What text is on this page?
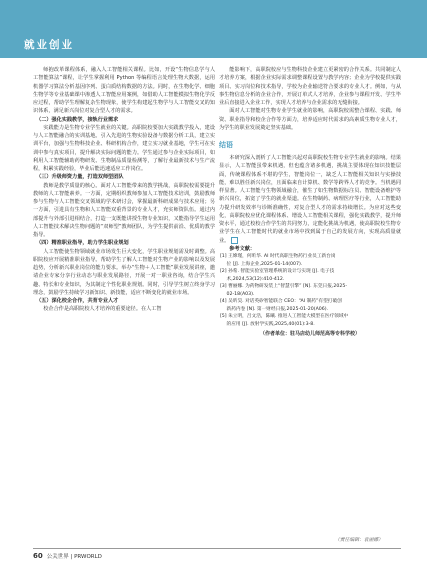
就业创业

师抱改革课程体系，融入人工智能相关课程。比如，开设“生物信息学与人工智能算法”课程，让学生掌握利用 Python 等编程语言处理生物大数据，运用机器学习算法分析基因序列、蛋白质结构数据的方法。同时，在生物化学、细胞生物学等专业基础课中渗透人工智能应用案例，如借助人工智能模拟生物化学反应过程，帮助学生理解复杂生物现象，使学生构建起生物学与人工智能交叉的知识体系，满足新兴岗位对复合型人才的需求。

（二）强化实践教学，接轨行业需求

实践能力是生物专业学生就业的关键。高职院校要加大实践教学投入，建设与人工智能融合的实训基地。引入先进的生物实验设备与数据分析工具，建立实训平台，加强与生物科技企业、科研机构合作，建立实习就业基地，学生可在实训中参与真实项目，提升解决实际问题的能力。学生通过参与企业实际项目，如利用人工智能辅助药物研发、生物制品质量检测等，了解行业最新技术与生产流程，积累实践经验，毕业后能迅速适应工作岗位。

（三）升级师资力量，打造双师型团队

教师是教学质量的核心。面对人工智能带来的教学挑战，高职院校需要提升教师的人工智能素养。一方面，定期组织教师参加人工智能技术培训，鼓励教师参与生物与人工智能交叉领域的学术研讨会，掌握最新科研成果与技术应用；另一方面，引进具有生物和人工智能双重背景的专业人才，充实师资队伍。通过内部提升与外部引进相结合，打造一支既能讲授生物专业知识，又能指导学生运用人工智能技术解决生物问题的“双师型”教师团队，为学生提供前沿、优质的教学指导。

（四）精准职业指导，助力学生职业规划

人工智能使生物领域就业市场发生巨大变化，学生职业规划需及时调整。高职院校应开展精准职业指导。帮助学生了解人工智能对生物产业的影响以及发展趋势，分析新兴职业岗位的能力要求。举办“生物＋人工智能”职业发展讲座，邀请企业专家分享行业动态与职业发展路径，开展一对一职业咨询，结合学生兴趣、特长和专业知识，为其制定个性化职业规划。同时，引导学生树立终身学习理念，鼓励学生持续学习新知识、新技能，适应不断变化的就业市场。

（五）深化校企合作，共育专业人才

校企合作是高职院校人才培养的重要途径。在人工智

能影响下，高职院校应与生物科技企业建立更紧密的合作关系。共同制定人才培养方案，根据企业实际需求调整课程设置与教学内容；企业为学校提供实践项目、实习岗位和技术指导，学校为企业输送符合要求的专业人才。例如，与从事生物信息分析的企业合作，开展订单式人才培养，企业参与课程开发、学生毕业后直接进入企业工作，实现人才培养与企业需求的无缝衔接。

面对人工智能对生物专业学生就业的影响，高职院校需整合课程、实践、师资、职业指导和校企合作等方面力，培养适应时代需求的高素质生物专业人才，为学生的职业发展奠定坚实基础。

结语

本研究深入剖析了人工智能兴起对高职院校生物专业学生就业的影响。结果显示，人工智能虽带来机遇，但也蕴含诸多机遇，挑战主要体现在知识技能层面，传统课程体系不堪的学生，智能岗位一，缺乏人工智能相关知识与实操技能，难以胜任新兴岗位，且面临来自计算机、数学等跨界人才的竞争。当机遇同样显著。人工智能与生物领域融合，催生了如生物数据标注员、智能设备维护等新兴岗位，拓宽了学生的就业渠道。在生物制药、病理医疗等行业，人工智能助力提升研发效率与诊断准确性，对复合型人才的需求持续增长。为应对这些变化，高职院校应优化课程体系、增设人工智能相关课程，强化实践教学，提升师资水平，通过校校合作学生的共同努力，定能化挑战为机遇，使高职院校生物专业学生在人工智能时代的就业市场中找到属于自己的发展方向，实现高质量就业。

参考文献：

[1] 王嫦瑾，何昕华. AI 时代高职生物药行业员工新台岗
位 [J]. 上海企业,2025-01-14(007).
[2] 孙希. 智能实验室管理系统的设计与实现 [J]. 电子技
术,2024,53(12):410-412.
[3] 曹丽娜. 为药物研发装上“智慧引擎” [N]. 东莞日报,2025-
02-18(A03).
[4] 吴昕昊. 对话英矽智能联合 CEO：“AI 制药”有望打破创
新药内卷 [N]. 第一财经日报,2025-01-20(A06).
[5] 朱立明，吕文浩，陈曦. 推进人工智能大模型在医疗领域中
的应用 [J]. 放射学实践,2025,40(01):3-8.
（作者单位：驻马店幼儿师范高等专科学校）
（责任编辑：袁丽娜）
60 公关世界 | PRWORLD
